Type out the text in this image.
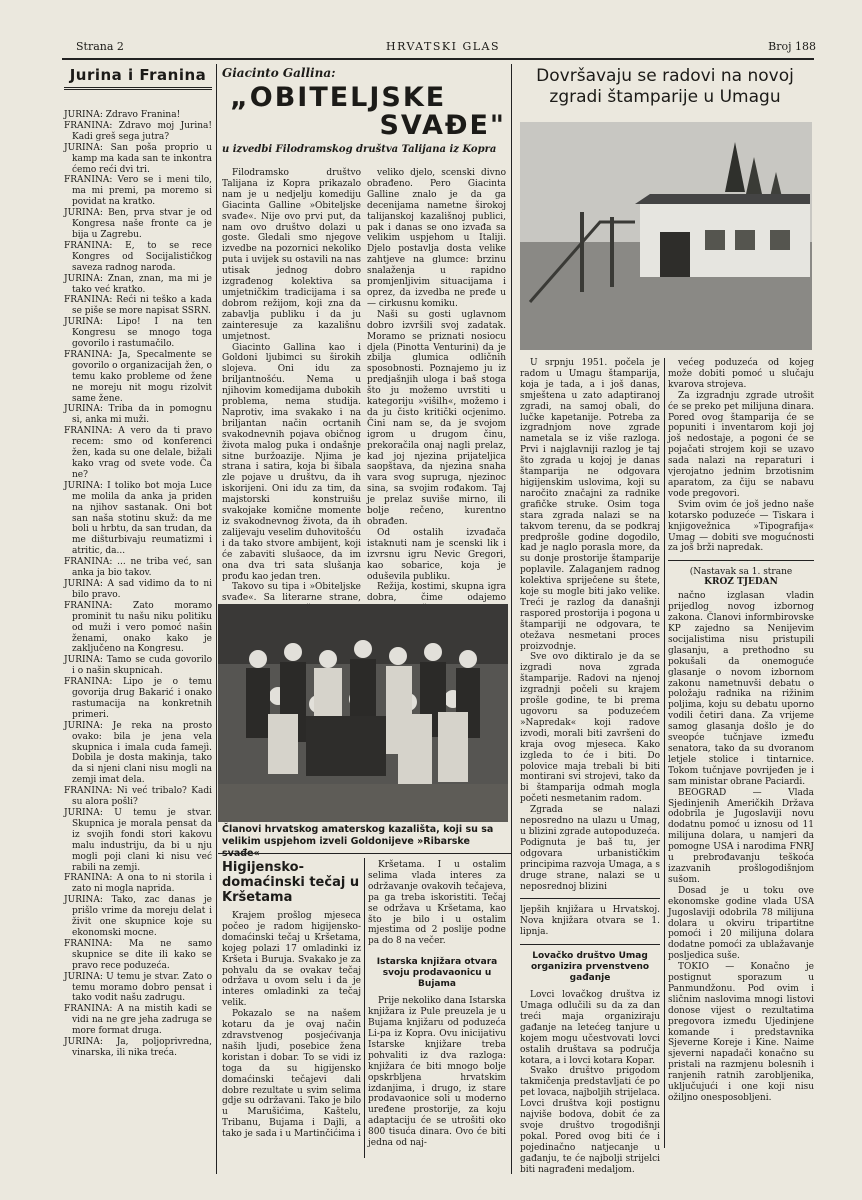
Strana 2	HRVATSKI GLAS	Broj 188
Jurina i Franina

JURINA: Zdravo Franina!

FRANINA: Zdravo moj Jurina! Kadi greš sega jutra?

JURINA: San poša proprio u kamp ma kada san te inkontra ćemo reći dvi tri.

FRANINA: Vero se i meni tilo, ma mi premi, pa moremo si povidat na kratko.

JURINA: Ben, prva stvar je od Kongresa naše fronte ca je bija u Zagrebu.

FRANINA: E, to se rece Kongres od Socijalističkog saveza radnog naroda.

JURINA: Znan, znan, ma mi je tako već kratko.

FRANINA: Reći ni teško a kada se piše se more napisat SSRN.

JURINA: Lipo! I na ten Kongresu se mnogo toga govorilo i rastumačilo.

FRANINA: Ja, Specalmente se govorilo o organizacijah žen, o temu kako probleme od žene ne moreju nit mogu rizolvit same žene.

JURINA: Triba da in pomognu si, anka mi muži.

FRANINA: A vero da ti pravo recem: smo od konferenci žen, kada su one delale, bižali kako vrag od svete vode. Ča ne?

JURINA: I toliko bot moja Luce me molila da anka ja priden na njihov sastanak. Oni bot san naša stotinu skuž: da me boli u hrbtu, da san trudan, da me dišturbivaju reumatizmi i atritic, da...

FRANINA: ... ne triba već, san anka ja bio takov.

JURINA: A sad vidimo da to ni bilo pravo.

FRANINA: Zato moramo prominit tu našu niku politiku od muži i vero pomoć našin ženami, onako kako je zaključeno na Kongresu.

JURINA: Tamo se cuda govorilo i o našin skupnicah.

FRANINA: Lipo je o temu govorija drug Bakarić i onako rastumacija na konkretnih primeri.

JURINA: Je reka na prosto ovako: bila je jena vela skupnica i imala cuda famejì. Dobila je dosta makinja, tako da si njeni clani nisu mogli na zemji imat dela.

FRANINA: Ni već tribalo? Kadi su alora pošli?

JURINA: U temu je stvar. Skupnica je morala pensat da iz svojih fondi stori kakovu malu industriju, da bi u nju mogli poji clani ki nisu već rabili na zemji.

FRANINA: A ona to ni storila i zato ni mogla naprida.

JURINA: Tako, zac danas je prišlo vrime da moreju delat i živit one skupnice koje su ekonomski mocne.

FRANINA: Ma ne samo skupnice se dite ili kako se pravo rece poduzeća.

JURINA: U temu je stvar. Zato o temu moramo dobro pensat i tako vodit našu zadrugu.

FRANINA: A na mistih kadi se vidi na ne gre jeha zadruga se more format druga.

JURINA: Ja, poljoprivredna, vinarska, ili nika treća.

Giacinto Gallina:
„OBITELJSKE
SVAĐE"
u izvedbi Filodramskog društva Talijana iz Kopra

Filodramsko društvo Talijana iz Kopra prikazalo nam je u nedjelju komediju Giacinta Galline »Obiteljske svađe«. Nije ovo prvi put, da nam ovo društvo dolazi u goste. Gledali smo njegove izvedbe na pozornici nekoliko puta i uvijek su ostavili na nas utisak jednog dobro izgrađenog kolektiva sa umjetničkim tradicijama i sa dobrom režijom, koji zna da zabavlja publiku i da ju zainteresuje za kazališnu umjetnost.

Giacinto Gallina kao i Goldoni ljubimci su širokih slojeva. Oni idu za briljantnošću. Nema u njihovim komedijama dubokih problema, nema studija. Naprotiv, ima svakako i na briljantan način ocrtanih svakodnevnih pojava običnog života malog puka i ondašnje sitne buržoazije. Njima je strana i satira, koja bi šibala zle pojave u društvu, da ih iskorijeni. Oni idu za tim, da majstorski konstruišu svakojake komične momente iz svakodnevnog života, da ih zalijevaju veselim duhovitošću i da tako stvore ambijent, koji će zabaviti slušaoce, da im ona dva tri sata slušanja prođu kao jedan tren.

Takovo su tipa i »Obiteljske svađe«. Sa literarne strane,

veliko djelo, scenski divno obrađeno. Pero Giacinta Galline znalo je da ga decenijama nametne širokoj talijanskoj kazališnoj publici, pak i danas se ono izvađa sa velikim uspjehom u Italiji. Djelo postavlja dosta velike zahtjeve na glumce: brzinu snalaženja u rapidno promjenljivim situacijama i oprez, da izvedba ne pređe u — cirkusnu komiku.

Naši su gosti uglavnom dobro izvršili svoj zadatak. Moramo se priznati nosiocu djela (Pinotta Venturini) da je zbilja glumica odličnih sposobnosti. Poznajemo ju iz predjašnjih uloga i baš stoga što ju možemo uvrstiti u kategoriju »višilh«, možemo i da ju čisto kritički ocjenimo. Čini nam se, da je svojom igrom u drugom činu, prekoračila onaj nagli prelaz, kad joj njezina prijateljica saopštava, da njezina snaha vara svog supruga, njezinoc sina, sa svojim rođakom. Taj je prelaz suviše mirno, ili bolje rečeno, kurentno obrađen.

Od ostalih izvađača istaknuti nam je scenski lik i izvrsnu igru Nevic Gregori, kao sobarice, koja je oduševila publiku.

Režija, kostimi, skupna igra dobra, čime odajemo

Članovi hrvatskog amaterskog kazališta, koji su sa velikim uspjehom izveli Goldonijeve »Ribarske
Higijensko-domaćinski tečaj u Kršetama

Krajem prošlog mjeseca počeo je radom higijensko-domaćinski tečaj u Kršetama, kojeg polazi 17 omladinki iz Kršeta i Buruja. Svakako je za pohvalu da se ovakav tečaj održava u ovom selu i da je interes omladinki za tečaj velik.

Pokazalo se na našem kotaru da je ovaj način zdravstvenog posjećivanja naših ljudi, posebice žena koristan i dobar. To se vidi iz toga da su higijensko domaćinski tečajevi dali dobre rezultate u svim selima gdje su održavani. Tako je bilo u Marušićima, Kaštelu, Tribanu, Bujama i Dajli, a tako je sada i u Martinčićima i

Kršetama. I u ostalim selima vlada interes za održavanje ovakovih tečajeva, pa ga treba iskoristiti. Tečaj se održava u Kršetama, kao što je bilo i u ostalim mjestima od 2 poslije podne pa do 8 na večer.

Istarska knjižara otvara svoju prodavaonicu u Bujama

Prije nekoliko dana Istarska knjižara iz Pule preuzela je u Bujama knjižaru od poduzeća Li-pa iz Kopra. Ovu inicijativu Istarske knjižare treba pohvaliti iz dva razloga: knjižara će biti mnogo bolje opskrbljena hrvatskim izdanjima, i drugo, iz stare prodavaonice soli u moderno uređene prostorije, za koju adaptaciju će se utrošiti oko 800 tisuća dinara. Ovo će biti jedna od naj-

Dovršavaju se radovi na novoj zgradi štamparije u Umagu

U srpnju 1951. počela je radom u Umagu štamparija, koja je tada, a i još danas, smještena u zato adaptiranoj zgradi, na samoj obali, do lučke kapetanije. Potreba za izgradnjom nove zgrade nametala se iz više razloga. Prvi i najglavniji razlog je taj što zgrada u kojoj je danas štamparija ne odgovara higijenskim uslovima, koji su naročito značajni za radnike grafičke struke. Osim toga stara zgrada nalazi se na takvom terenu, da se podkraj predprošle godine dogodilo, kad je naglo porasla more, da su donje prostorije štamparije poplavile. Zalaganjem radnog kolektiva spriječene su štete, koje su mogle biti jako velike. Treći je razlog da današnji raspored prostorija i pogona u štampariji ne odgovara, te otežava nesmetani proces proizvodnje.

Sve ovo diktiralo je da se izgradi nova zgrada štamparije. Radovi na njenoj izgradnji počeli su krajem prošle godine, te bi prema ugovoru sa poduzećem »Napredak« koji radove izvodi, morali biti završeni do kraja ovog mjeseca. Kako izgleda to će i biti. Do polovice maja trebali bi biti montirani svi strojevi, tako da bi štamparija odmah mogla početi nesmetanim radom.

Zgrada se nalazi neposredno na ulazu u Umag, u blizini zgrade autopoduzeća. Podignuta je baš tu, jer odgovara urbanističkim principima razvoja Umaga, a s druge strane, nalazi se u neposrednoj blizini

ljepših knjižara u Hrvatskoj. Nova knjižara otvara se 1. lipnja.
Lovačko društvo Umag organizira prvenstveno gađanje

Lovci lovačkog društva iz Umaga odlučili su da za dan treći maja organiziraju gađanje na letećeg tanjure u kojem mogu učestvovati lovci ostalih društava sa područja kotara, a i lovci kotara Kopar.

Svako društvo prigodom takmičenja predstavljati će po pet lovaca, najboljih strijelaca. Lovci društva koji postignu najviše bodova, dobit će za svoje društvo trogodišnji pokal. Pored ovog biti će i pojedinačno natjecanje u gađanju, te će najbolji strijelci biti nagrađeni medaljom.

većeg poduzeća od kojeg može dobiti pomoć u slučaju kvarova strojeva.

Za izgradnju zgrade utrošit će se preko pet milijuna dinara. Pored ovog štamparija će se popuniti i inventarom koji joj još nedostaje, a pogoni će se pojačati strojem koji se uzavo sada nalazi na reparaturi i vjerojatno jednim brzotisnim aparatom, za čiju se nabavu vode pregovori.

Svim ovim će još jedno naše kotarsko poduzeće — Tiskara i knjigovežnica »Tipografija« Umag — dobiti sve mogućnosti za još brži napredak.

(Nastavak sa 1. strane
KROZ TJEDAN

načno izglasan vladin prijedlog novog izbornog zakona. Članovi informbirovske KP zajedno sa Nenijevim socijalistima nisu pristupili glasanju, a prethodno su pokušali da onemoguće glasanje o novom izbornom zakonu nametnuvši debatu o položaju radnika na rižinim poljima, koju su debatu uporno vodili četiri dana. Za vrijeme samog glasanja došlo je do sveopće tučnjave između senatora, tako da su dvoranom letjele stolice i tintarnice. Tokom tučnjave povrijeđen je i sam ministar obrane Paciardi.

BEOGRAD — Vlada Sjedinjenih Američkih Država odobrila je Jugoslaviji novu dodatnu pomoć u iznosu od 11 milijuna dolara, u namjeri da pomogne USA i narodima FNRJ u prebrođavanju teškoća izazvanih prošlogodišnjom sušom.

Dosad je u toku ove ekonomske godine vlada USA Jugoslaviji odobrila 78 milijuna dolara u okviru tripartitne pomoći i 20 milijuna dolara dodatne pomoći za ublažavanje posljedica suše.

TOKIO — Konačno je postignut sporazum u Panmundžonu. Pod ovim i sličnim naslovima mnogi listovi donose vijest o rezultatima pregovora između Ujedinjene komande i predstavnika Sjeverne Koreje i Kine. Naime sjeverni napadači konačno su pristali na razmjenu bolesnih i ranjenih ratnih zarobljenika, uključujući i one koji nisu ožiljno onesposobljeni.
